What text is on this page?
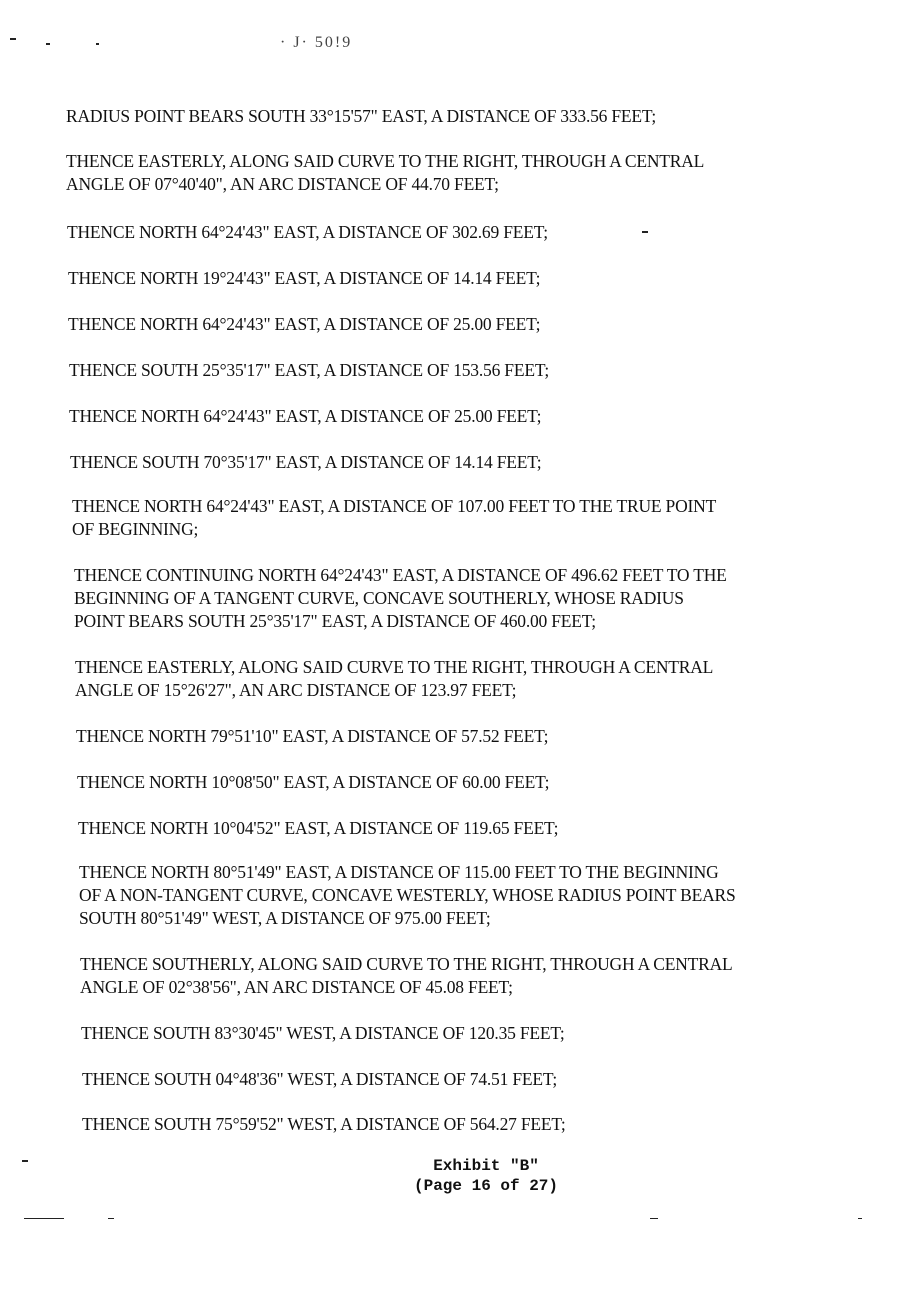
· J· 50!9
RADIUS POINT BEARS SOUTH 33°15'57" EAST, A DISTANCE OF 333.56 FEET;
THENCE EASTERLY, ALONG SAID CURVE TO THE RIGHT, THROUGH A CENTRAL
ANGLE OF 07°40'40", AN ARC DISTANCE OF 44.70 FEET;
THENCE NORTH 64°24'43" EAST, A DISTANCE OF 302.69 FEET;
THENCE NORTH 19°24'43" EAST, A DISTANCE OF 14.14 FEET;
THENCE NORTH 64°24'43" EAST, A DISTANCE OF 25.00 FEET;
THENCE SOUTH 25°35'17" EAST, A DISTANCE OF 153.56 FEET;
THENCE NORTH 64°24'43" EAST, A DISTANCE OF 25.00 FEET;
THENCE SOUTH 70°35'17" EAST, A DISTANCE OF 14.14 FEET;
THENCE NORTH 64°24'43" EAST, A DISTANCE OF 107.00 FEET TO THE TRUE POINT
OF BEGINNING;
THENCE CONTINUING NORTH 64°24'43" EAST, A DISTANCE OF 496.62 FEET TO THE
BEGINNING OF A TANGENT CURVE, CONCAVE SOUTHERLY, WHOSE RADIUS
POINT BEARS SOUTH 25°35'17" EAST, A DISTANCE OF 460.00 FEET;
THENCE EASTERLY, ALONG SAID CURVE TO THE RIGHT, THROUGH A CENTRAL
ANGLE OF 15°26'27", AN ARC DISTANCE OF 123.97 FEET;
THENCE NORTH 79°51'10" EAST, A DISTANCE OF 57.52 FEET;
THENCE NORTH 10°08'50" EAST, A DISTANCE OF 60.00 FEET;
THENCE NORTH 10°04'52" EAST, A DISTANCE OF 119.65 FEET;
THENCE NORTH 80°51'49" EAST, A DISTANCE OF 115.00 FEET TO THE BEGINNING
OF A NON-TANGENT CURVE, CONCAVE WESTERLY, WHOSE RADIUS POINT BEARS
SOUTH 80°51'49" WEST, A DISTANCE OF 975.00 FEET;
THENCE SOUTHERLY, ALONG SAID CURVE TO THE RIGHT, THROUGH A CENTRAL
ANGLE OF 02°38'56", AN ARC DISTANCE OF 45.08 FEET;
THENCE SOUTH 83°30'45" WEST, A DISTANCE OF 120.35 FEET;
THENCE SOUTH 04°48'36" WEST, A DISTANCE OF 74.51 FEET;
THENCE SOUTH 75°59'52" WEST, A DISTANCE OF 564.27 FEET;
Exhibit "B"
(Page 16 of 27)
